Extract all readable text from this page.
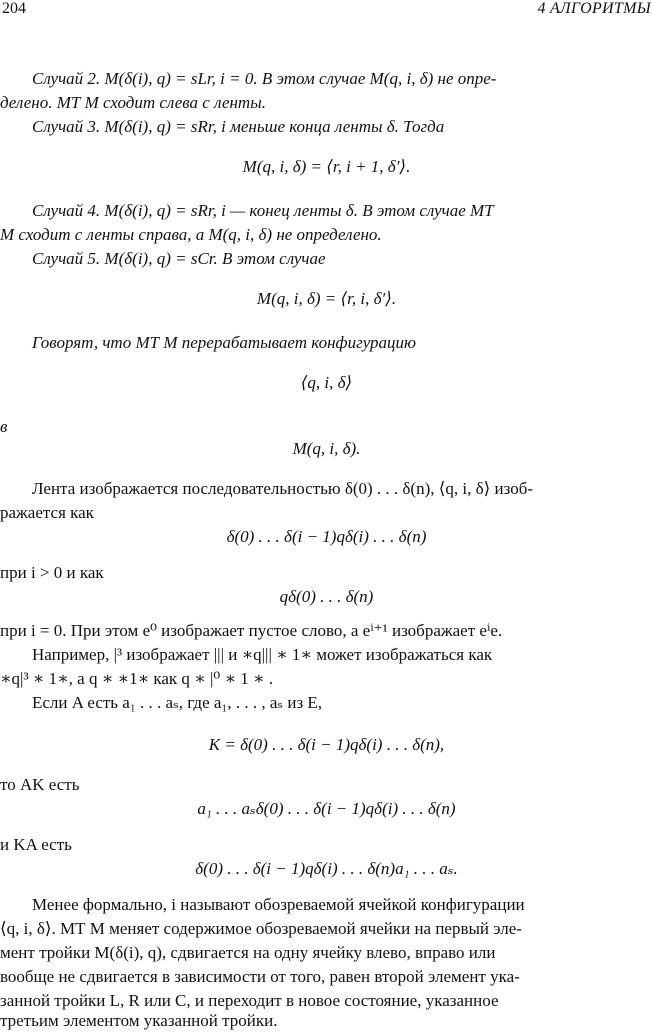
204	4 АЛГОРИТМЫ
Случай 2. M(δ(i), q) = sLr, i = 0. В этом случае M(q, i, δ) не опре-
делено. МТ M сходит слева с ленты.
Случай 3. M(δ(i), q) = sRr, i меньше конца ленты δ. Тогда
M(q, i, δ) = ⟨r, i + 1, δ′⟩.
Случай 4. M(δ(i), q) = sRr, i — конец ленты δ. В этом случае МТ
M сходит с ленты справа, а M(q, i, δ) не определено.
Случай 5. M(δ(i), q) = sCr. В этом случае
M(q, i, δ) = ⟨r, i, δ′⟩.
Говорят, что МТ M перерабатывает конфигурацию
⟨q, i, δ⟩
в
M(q, i, δ).
Лента изображается последовательностью δ(0) . . . δ(n), ⟨q, i, δ⟩ изоб-
ражается как
δ(0) . . . δ(i − 1)qδ(i) . . . δ(n)
при i > 0 и как
qδ(0) . . . δ(n)
при i = 0. При этом e⁰ изображает пустое слово, а eⁱ⁺¹ изображает eⁱe.
Например, |³ изображает ||| и ∗q||| ∗ 1∗ может изображаться как
∗q|³ ∗ 1∗, а q ∗ ∗1∗ как q ∗ |⁰ ∗ 1 ∗ .
Если A есть a₁ . . . aₛ, где a₁, . . . , aₛ из E,
K = δ(0) . . . δ(i − 1)qδ(i) . . . δ(n),
то AK есть
a₁ . . . aₛδ(0) . . . δ(i − 1)qδ(i) . . . δ(n)
и KA есть
δ(0) . . . δ(i − 1)qδ(i) . . . δ(n)a₁ . . . aₛ.
Менее формально, i называют обозреваемой ячейкой конфигурации
⟨q, i, δ⟩. МТ M меняет содержимое обозреваемой ячейки на первый эле-
мент тройки M(δ(i), q), сдвигается на одну ячейку влево, вправо или
вообще не сдвигается в зависимости от того, равен второй элемент ука-
занной тройки L, R или C, и переходит в новое состояние, указанное
третьим элементом указанной тройки.
